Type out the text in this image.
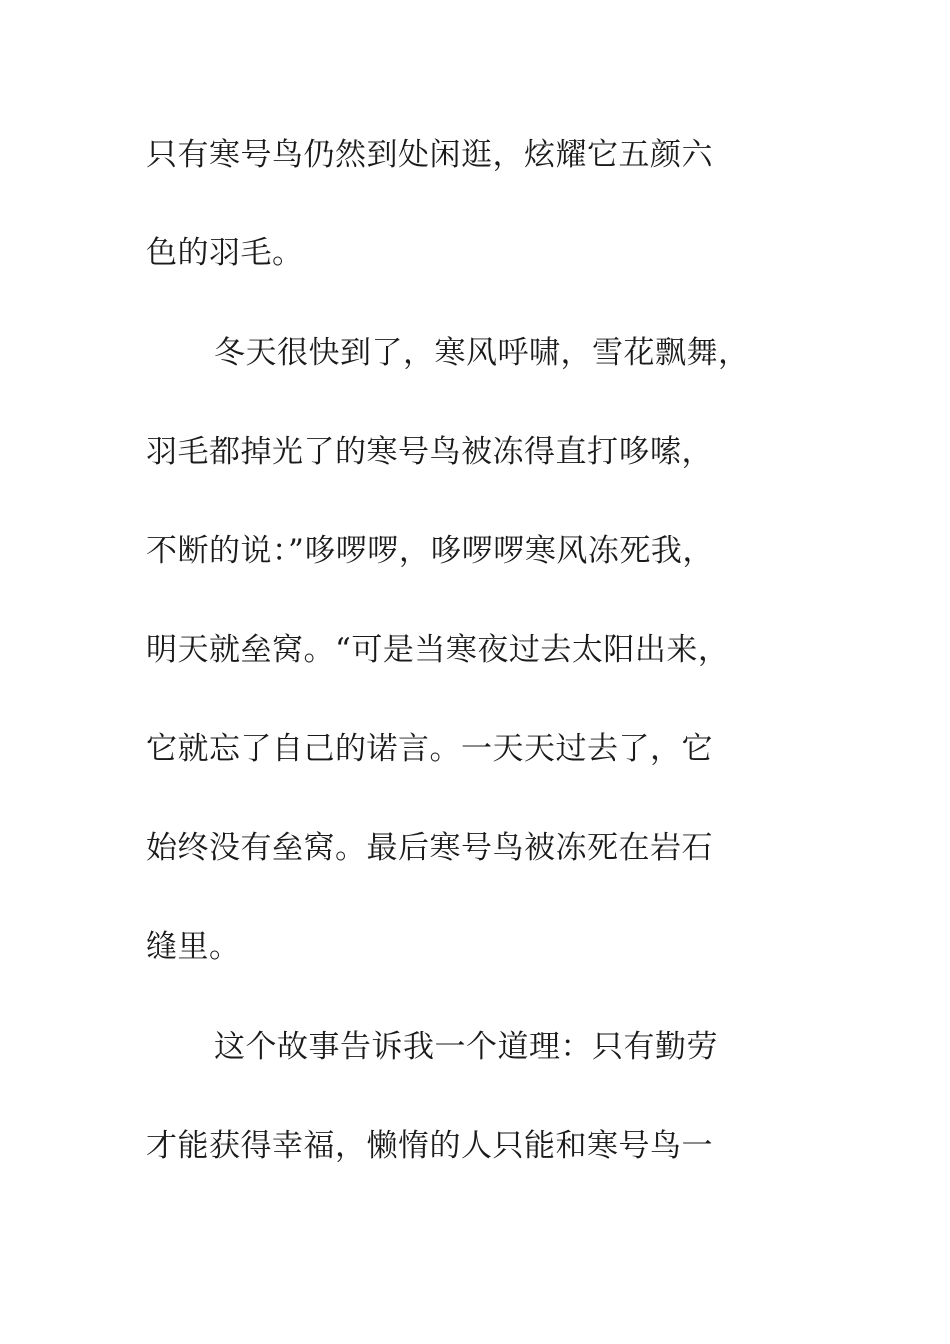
只有寒号鸟仍然到处闲逛，炫耀它五颜六
色的羽毛。
冬天很快到了，寒风呼啸，雪花飘舞，
羽毛都掉光了的寒号鸟被冻得直打哆嗦，
不断的说：”哆啰啰，哆啰啰寒风冻死我，
明天就垒窝。“可是当寒夜过去太阳出来，
它就忘了自己的诺言。一天天过去了，它
始终没有垒窝。最后寒号鸟被冻死在岩石
缝里。
这个故事告诉我一个道理：只有勤劳
才能获得幸福，懒惰的人只能和寒号鸟一
